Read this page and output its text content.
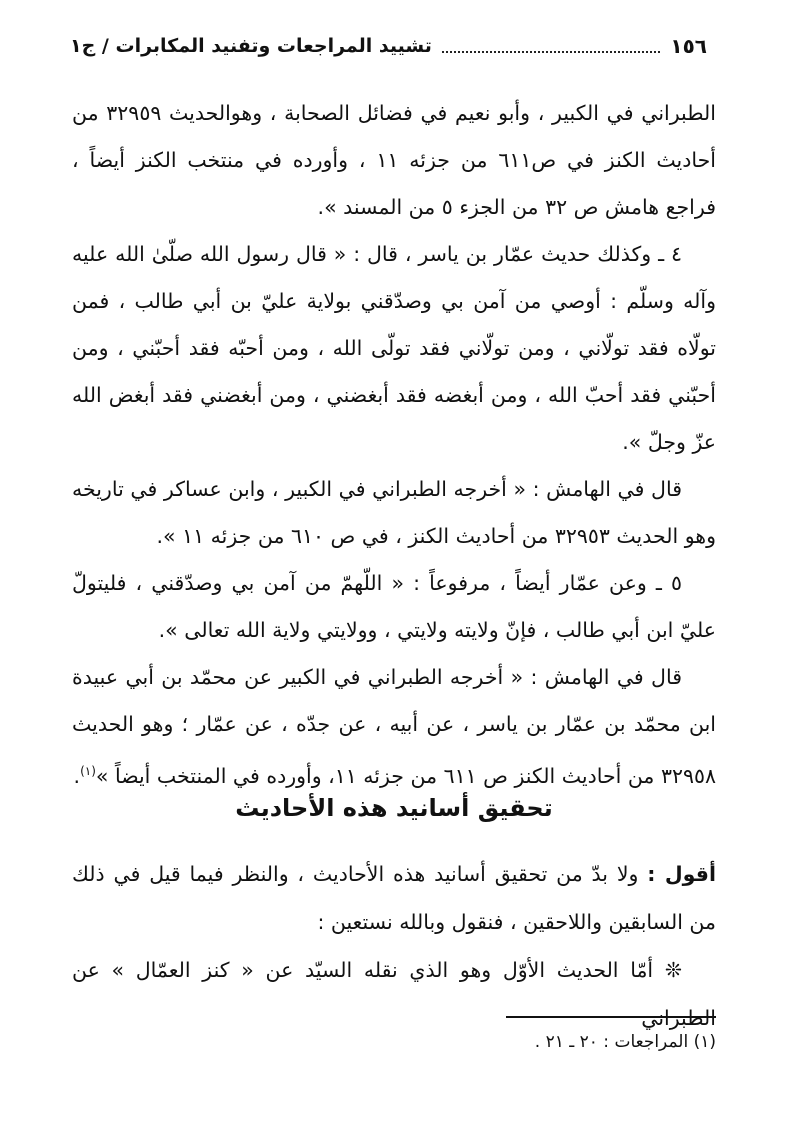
١٥٦
تشييد المراجعات وتفنيد المكابرات / ج١

الطبراني في الكبير ، وأبو نعيم في فضائل الصحابة ، وهوالحديث ٣٢٩٥٩ من أحاديث الكنز في ص٦١١ من جزئه ١١ ، وأورده في منتخب الكنز أيضاً ، فراجع هامش ص ٣٢ من الجزء ٥ من المسند ».

٤ ـ وكذلك حديث عمّار بن ياسر ، قال : « قال رسول الله صلّىٰ الله عليه وآله وسلّم : أوصي من آمن بي وصدّقني بولاية عليّ بن أبي طالب ، فمن تولّاه فقد تولّاني ، ومن تولّاني فقد تولّى الله ، ومن أحبّه فقد أحبّني ، ومن أحبّني فقد أحبّ الله ، ومن أبغضه فقد أبغضني ، ومن أبغضني فقد أبغض الله عزّ وجلّ ».

قال في الهامش : « أخرجه الطبراني في الكبير ، وابن عساكر في تاريخه وهو الحديث ٣٢٩٥٣ من أحاديث الكنز ، في ص ٦١٠ من جزئه ١١ ».

٥ ـ وعن عمّار أيضاً ، مرفوعاً : « اللّهمّ من آمن بي وصدّقني ، فليتولّ عليّ ابن أبي طالب ، فإنّ ولايته ولايتي ، وولايتي ولاية الله تعالى ».

قال في الهامش : « أخرجه الطبراني في الكبير عن محمّد بن أبي عبيدة ابن محمّد بن عمّار بن ياسر ، عن أبيه ، عن جدّه ، عن عمّار ؛ وهو الحديث ٣٢٩٥٨ من أحاديث الكنز ص ٦١١ من جزئه ١١، وأورده في المنتخب أيضاً »$^{(١)}$.

تحقيق أسانيد هذه الأحاديث

أقول : ولا بدّ من تحقيق أسانيد هذه الأحاديث ، والنظر فيما قيل في ذلك من السابقين واللاحقين ، فنقول وبالله نستعين :

❊ أمّا الحديث الأوّل وهو الذي نقله السيّد عن « كنز العمّال » عن الطبراني

(١) المراجعات : ٢٠ ـ ٢١ .
